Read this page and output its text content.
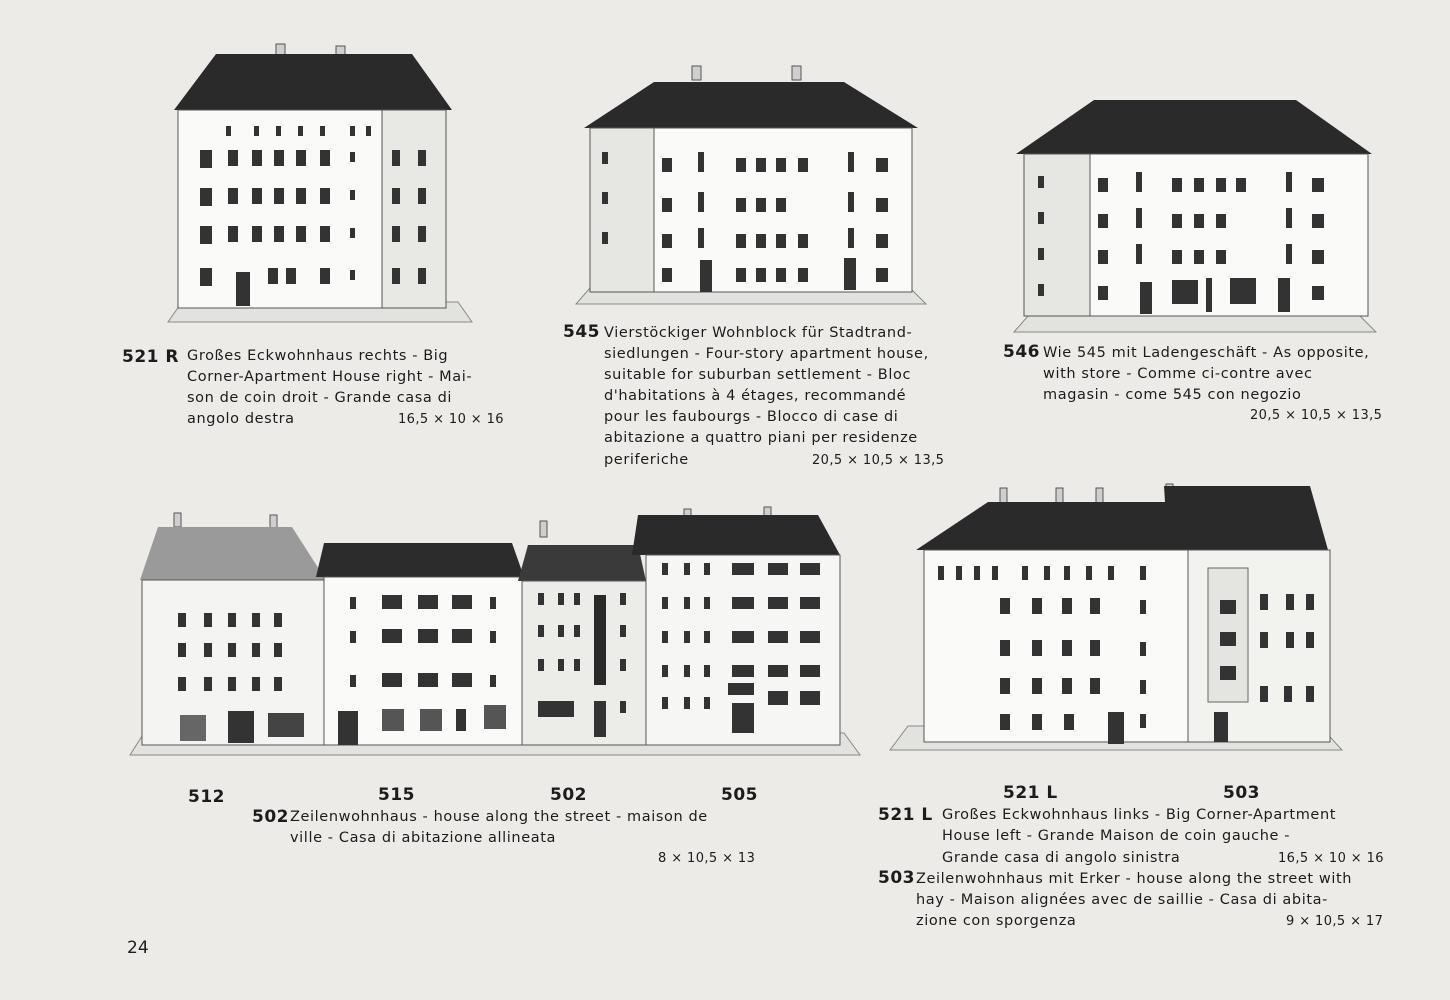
521 R Großes Eckwohnhaus rechts - Big
Corner-Apartment House right - Mai-
son de coin droit - Grande casa di
angolo destra	16,5 × 10 × 16
545 Vierstöckiger Wohnblock für Stadtrand-
siedlungen - Four-story apartment house,
suitable for suburban settlement - Bloc
d'habitations à 4 étages, recommandé
pour les faubourgs - Blocco di case di
abitazione a quattro piani per residenze
periferiche	20,5 × 10,5 × 13,5
546 Wie 545 mit Ladengeschäft - As opposite,
with store - Comme ci-contre avec
magasin - come 545 con negozio
20,5 × 10,5 × 13,5
512	515	502	505
502 Zeilenwohnhaus - house along the street - maison de
ville - Casa di abitazione allineata
8 × 10,5 × 13
521 L	503
521 L Großes Eckwohnhaus links - Big Corner-Apartment
House left - Grande Maison de coin gauche -
Grande casa di angolo sinistra	16,5 × 10 × 16
503 Zeilenwohnhaus mit Erker - house along the street with
hay - Maison alignées avec de saillie - Casa di abita-
zione con sporgenza	9 × 10,5 × 17
24
